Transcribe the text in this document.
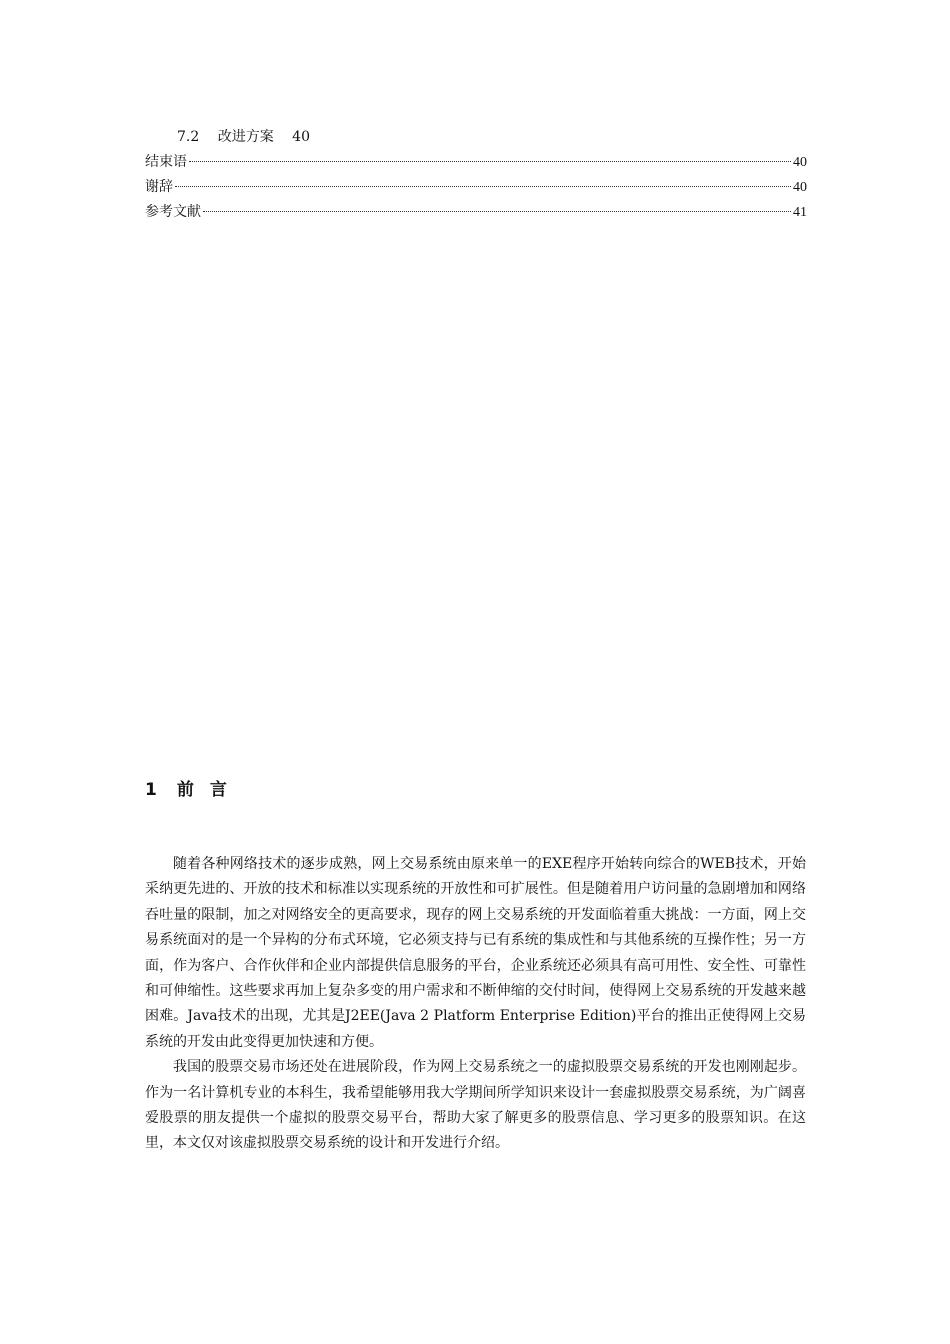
7.2 改进方案 40
结束语	40
谢辞	40
参考文献	41
1 前言

随着各种网络技术的逐步成熟，网上交易系统由原来单一的EXE程序开始转向综合的WEB技术，开始采纳更先进的、开放的技术和标准以实现系统的开放性和可扩展性。但是随着用户访问量的急剧增加和网络吞吐量的限制，加之对网络安全的更高要求，现存的网上交易系统的开发面临着重大挑战：一方面，网上交易系统面对的是一个异构的分布式环境，它必须支持与已有系统的集成性和与其他系统的互操作性；另一方面，作为客户、合作伙伴和企业内部提供信息服务的平台，企业系统还必须具有高可用性、安全性、可靠性和可伸缩性。这些要求再加上复杂多变的用户需求和不断伸缩的交付时间，使得网上交易系统的开发越来越困难。Java技术的出现，尤其是J2EE(Java 2 Platform Enterprise Edition)平台的推出正使得网上交易系统的开发由此变得更加快速和方便。

我国的股票交易市场还处在进展阶段，作为网上交易系统之一的虚拟股票交易系统的开发也刚刚起步。作为一名计算机专业的本科生，我希望能够用我大学期间所学知识来设计一套虚拟股票交易系统，为广阔喜爱股票的朋友提供一个虚拟的股票交易平台，帮助大家了解更多的股票信息、学习更多的股票知识。在这里，本文仅对该虚拟股票交易系统的设计和开发进行介绍。
